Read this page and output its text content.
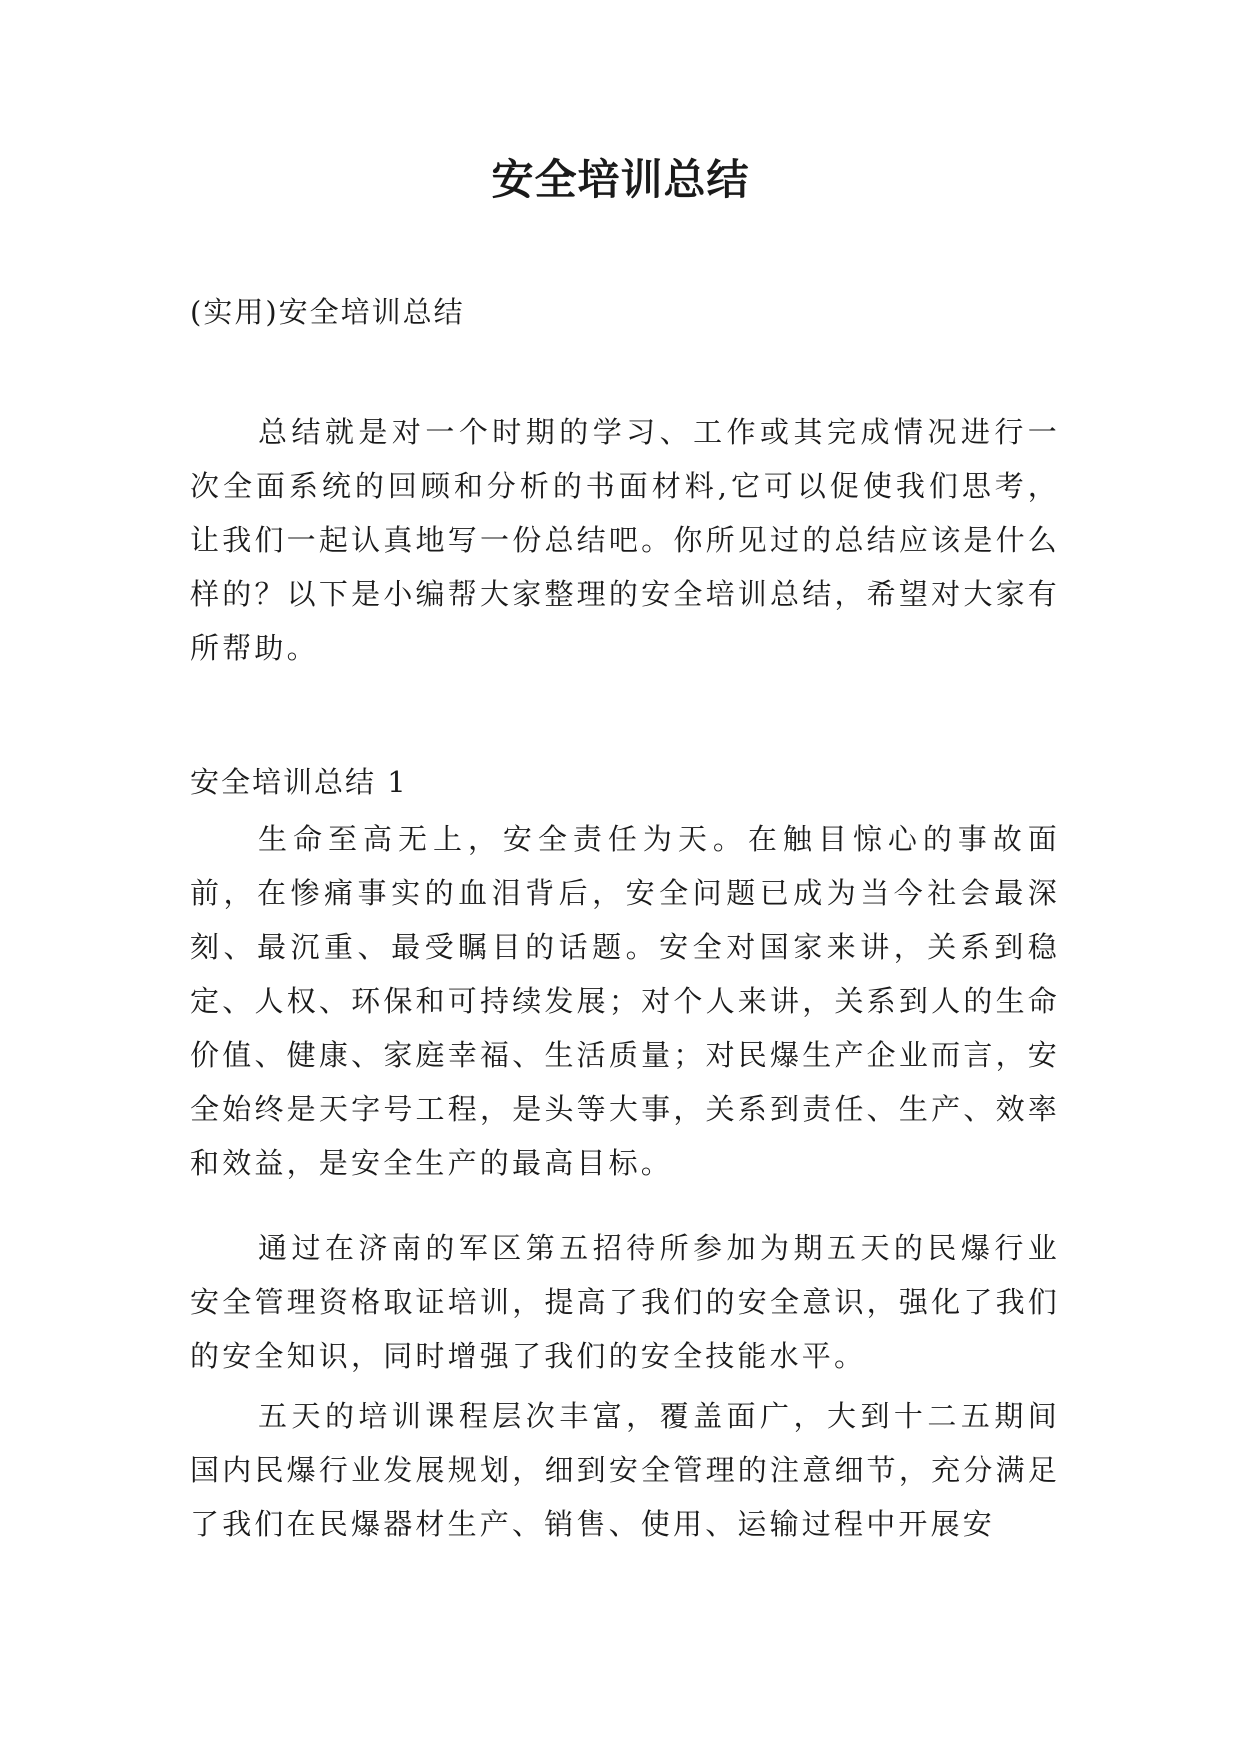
安全培训总结
(实用)安全培训总结

总结就是对一个时期的学习、工作或其完成情况进行一次全面系统的回顾和分析的书面材料,它可以促使我们思考，让我们一起认真地写一份总结吧。你所见过的总结应该是什么样的？以下是小编帮大家整理的安全培训总结，希望对大家有所帮助。

安全培训总结 1

生命至高无上，安全责任为天。在触目惊心的事故面前，在惨痛事实的血泪背后，安全问题已成为当今社会最深刻、最沉重、最受瞩目的话题。安全对国家来讲，关系到稳定、人权、环保和可持续发展；对个人来讲，关系到人的生命价值、健康、家庭幸福、生活质量；对民爆生产企业而言，安全始终是天字号工程，是头等大事，关系到责任、生产、效率和效益，是安全生产的最高目标。

通过在济南的军区第五招待所参加为期五天的民爆行业安全管理资格取证培训，提高了我们的安全意识，强化了我们的安全知识，同时增强了我们的安全技能水平。

五天的培训课程层次丰富，覆盖面广，大到十二五期间国内民爆行业发展规划，细到安全管理的注意细节，充分满足了我们在民爆器材生产、销售、使用、运输过程中开展安
